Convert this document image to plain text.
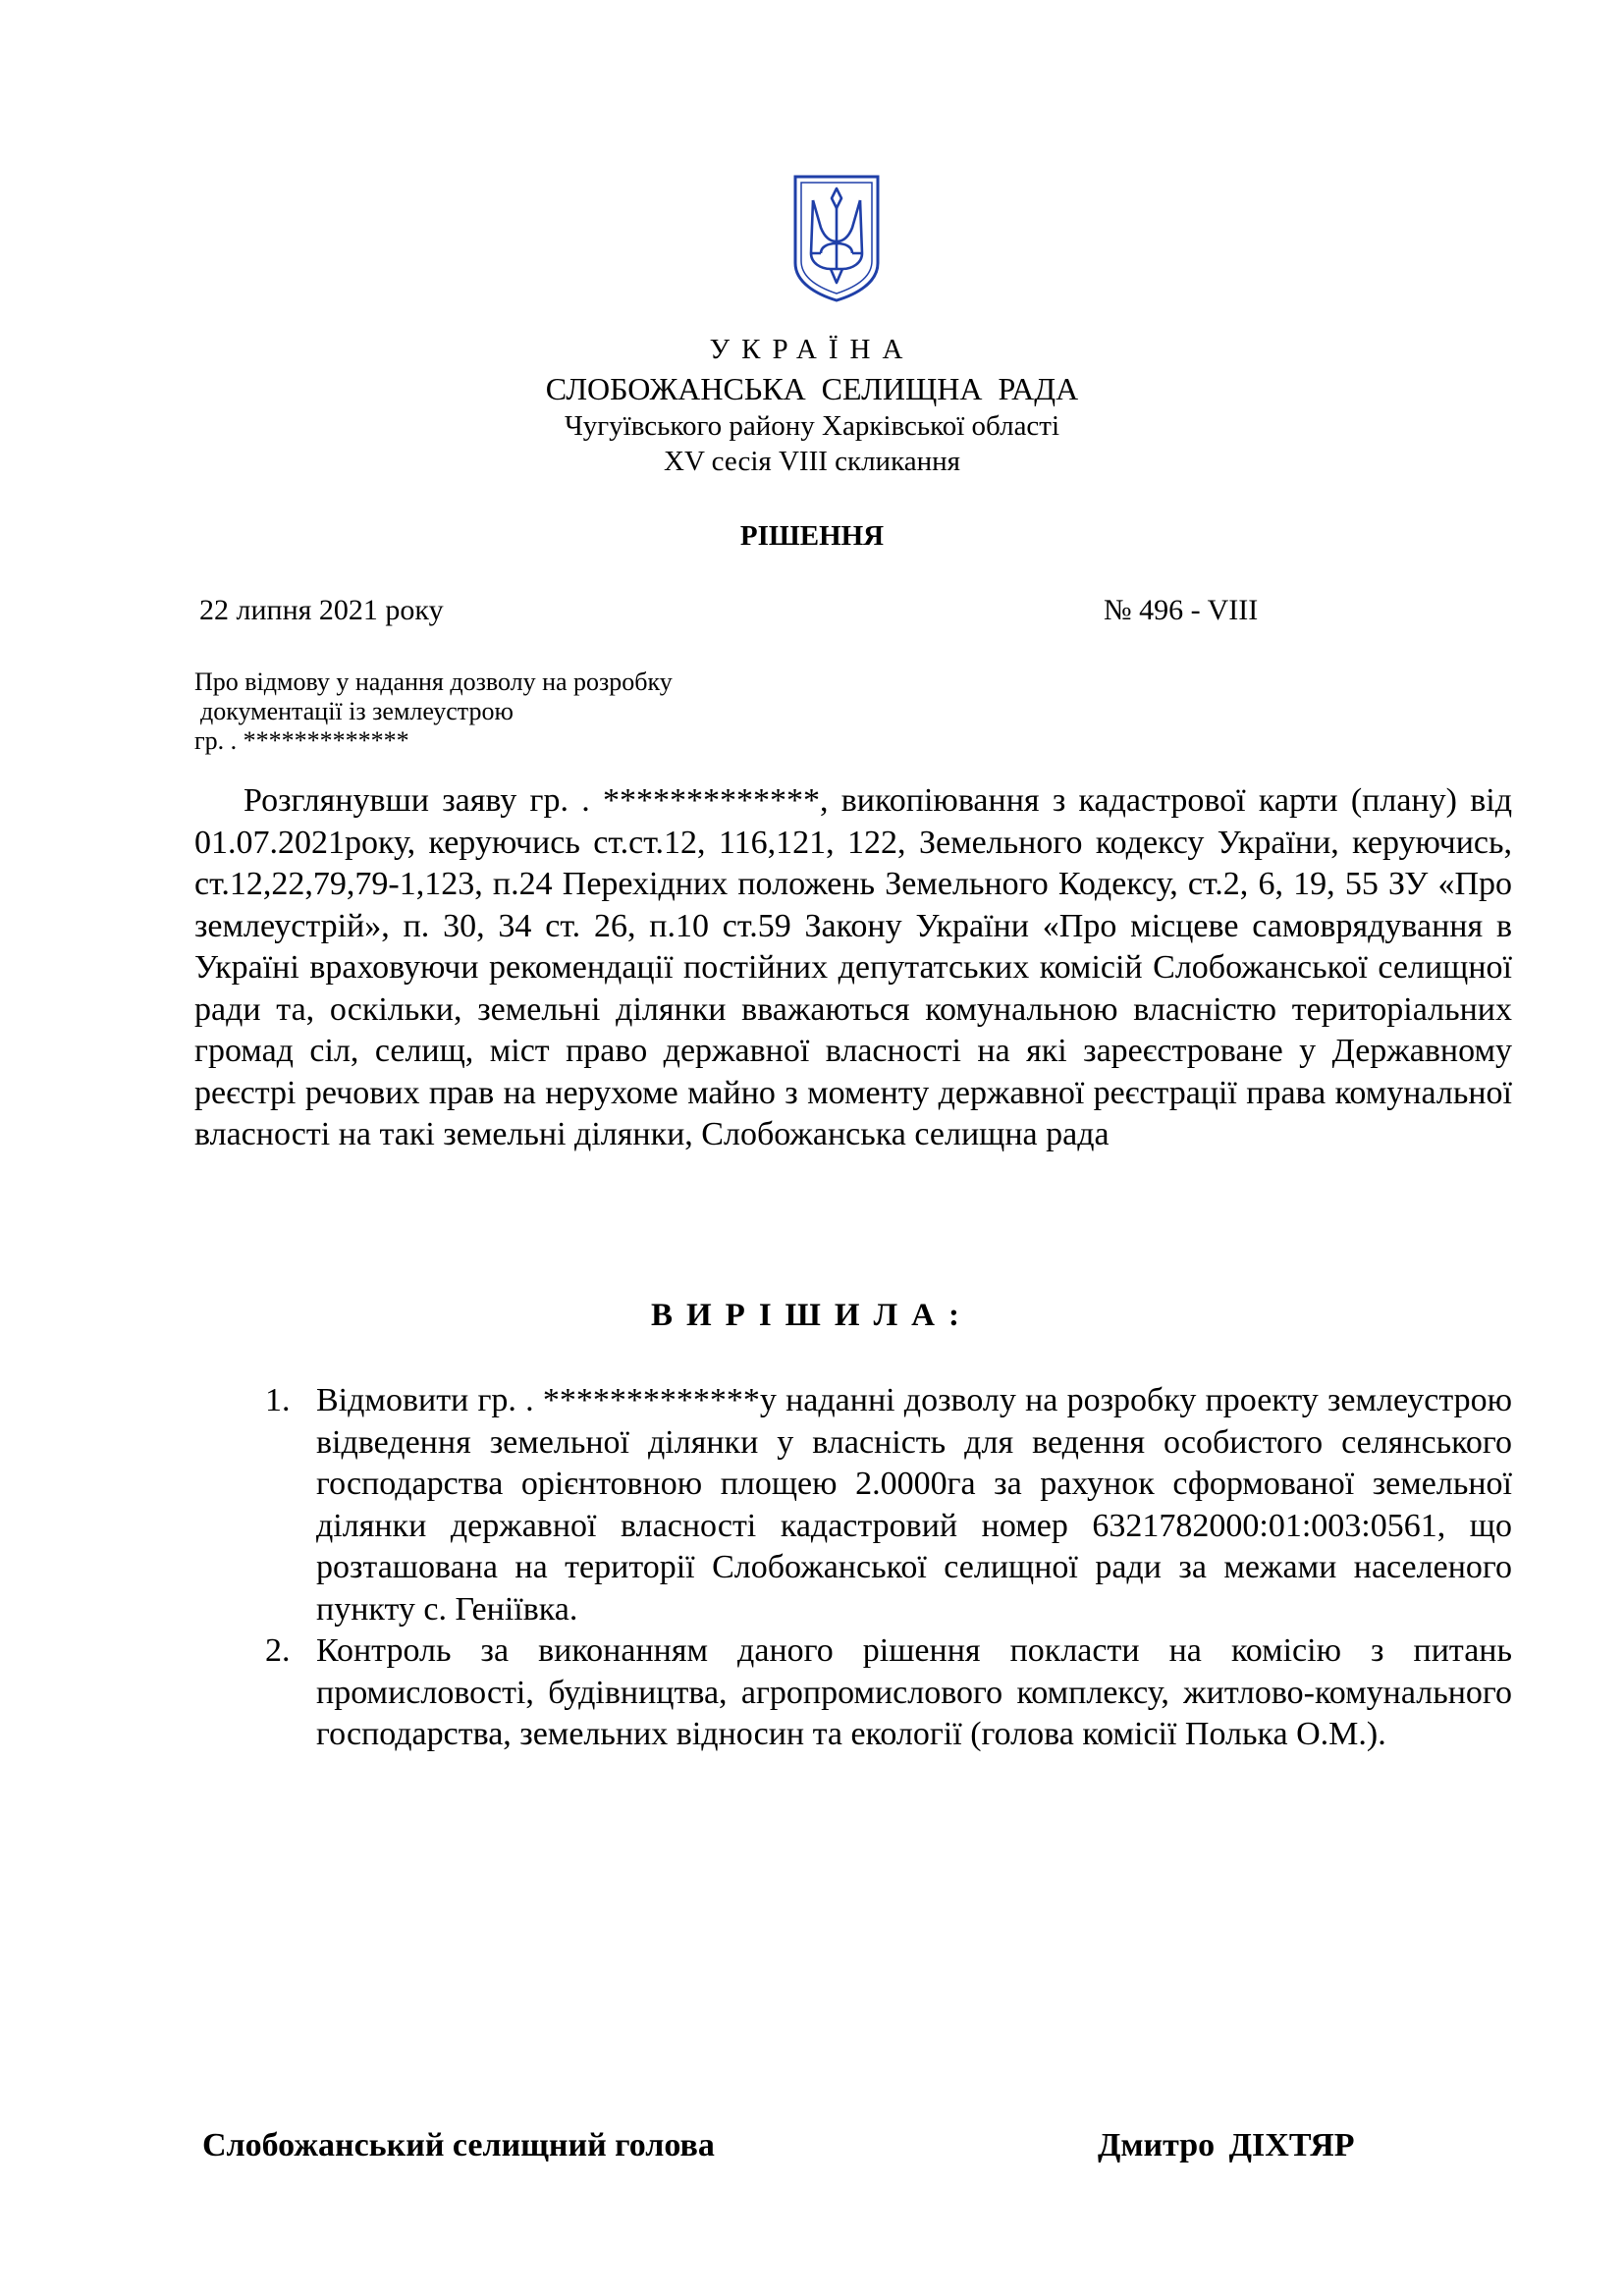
УКРАЇНА
СЛОБОЖАНСЬКА СЕЛИЩНА РАДА
Чугуївського району Харківської області
XV сесія VIII скликання
РІШЕННЯ
22 липня 2021 року	№ 496 - VIII
Про відмову у надання дозволу на розробку
документації із землеустрою
гр. . *************

Розглянувши заяву гр. . *************, викопіювання з кадастрової карти (плану) від 01.07.2021року, керуючись ст.ст.12, 116,121, 122, Земельного кодексу України, керуючись, ст.12,22,79,79-1,123, п.24 Перехідних положень Земельного Кодексу, ст.2, 6, 19, 55 ЗУ «Про землеустрій», п. 30, 34 ст. 26, п.10 ст.59 Закону України «Про місцеве самоврядування в Україні враховуючи рекомендації постійних депутатських комісій Слобожанської селищної ради та, оскільки, земельні ділянки вважаються комунальною власністю територіальних громад сіл, селищ, міст право державної власності на які зареєстроване у Державному реєстрі речових прав на нерухоме майно з моменту державної реєстрації права комунальної власності на такі земельні ділянки, Слобожанська селищна рада

ВИРІШИЛА:
1. Відмовити гр. . *************у наданні дозволу на розробку проекту землеустрою відведення земельної ділянки у власність для ведення особистого селянського господарства орієнтовною площею 2.0000га за рахунок сформованої земельної ділянки державної власності кадастровий номер 6321782000:01:003:0561, що розташована на території Слобожанської селищної ради за межами населеного пункту с. Геніївка.
2. Контроль за виконанням даного рішення покласти на комісію з питань промисловості, будівництва, агропромислового комплексу, житлово-комунального господарства, земельних відносин та екології (голова комісії Полька О.М.).
Слобожанський селищний голова	Дмитро ДІХТЯР
